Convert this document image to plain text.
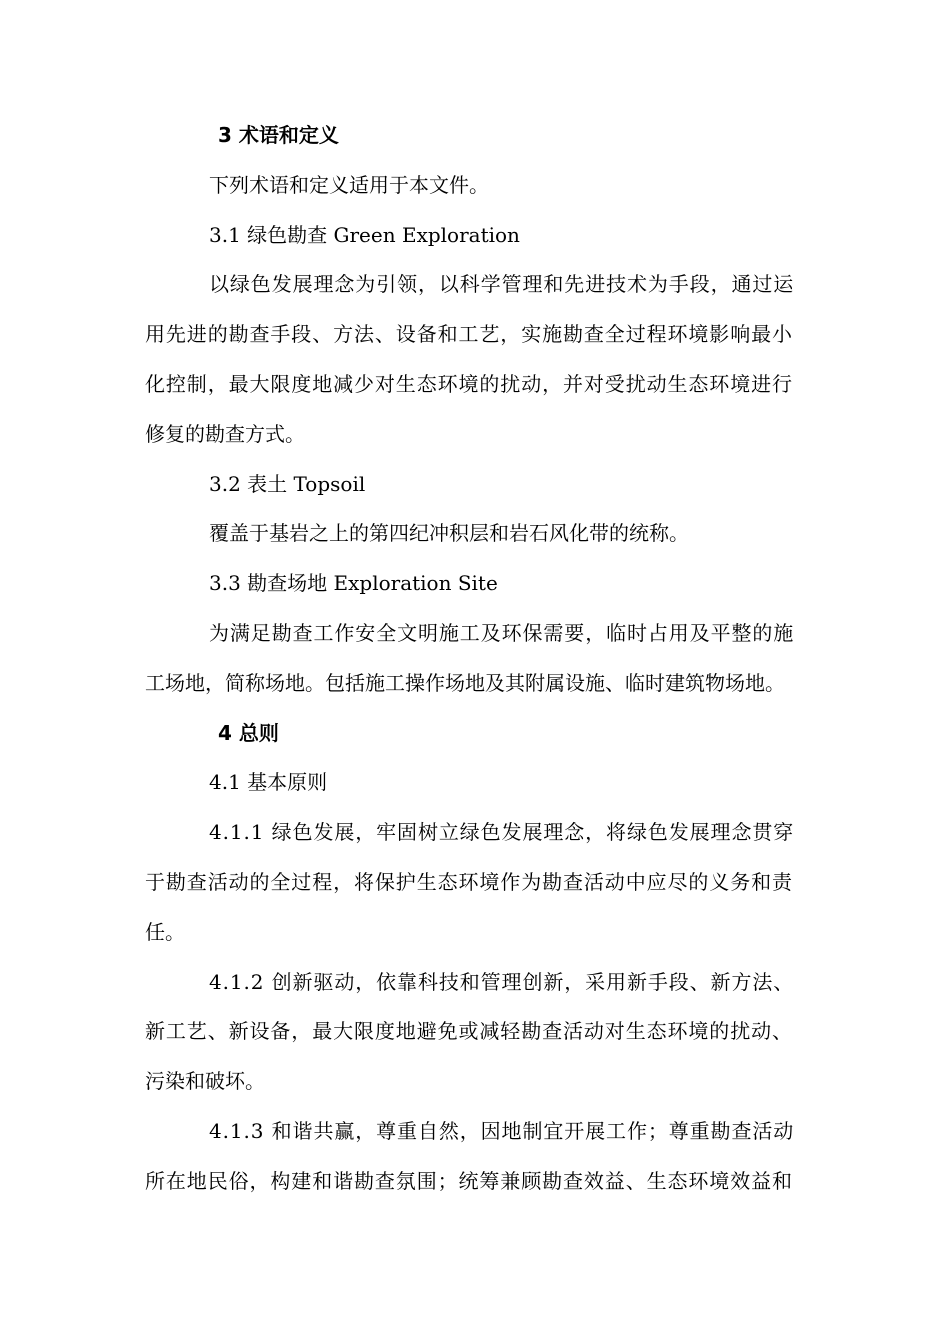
3 术语和定义
下列术语和定义适用于本文件。
3.1 绿色勘查 Green Exploration
以绿色发展理念为引领，以科学管理和先进技术为手段，通过运
用先进的勘查手段、方法、设备和工艺，实施勘查全过程环境影响最小
化控制，最大限度地减少对生态环境的扰动，并对受扰动生态环境进行
修复的勘查方式。
3.2 表土 Topsoil
覆盖于基岩之上的第四纪冲积层和岩石风化带的统称。
3.3 勘查场地 Exploration Site
为满足勘查工作安全文明施工及环保需要，临时占用及平整的施
工场地，简称场地。包括施工操作场地及其附属设施、临时建筑物场地。
4 总则
4.1 基本原则
4.1.1 绿色发展，牢固树立绿色发展理念，将绿色发展理念贯穿
于勘查活动的全过程，将保护生态环境作为勘查活动中应尽的义务和责
任。
4.1.2 创新驱动，依靠科技和管理创新，采用新手段、新方法、
新工艺、新设备，最大限度地避免或减轻勘查活动对生态环境的扰动、
污染和破坏。
4.1.3 和谐共赢，尊重自然，因地制宜开展工作；尊重勘查活动
所在地民俗，构建和谐勘查氛围；统筹兼顾勘查效益、生态环境效益和
